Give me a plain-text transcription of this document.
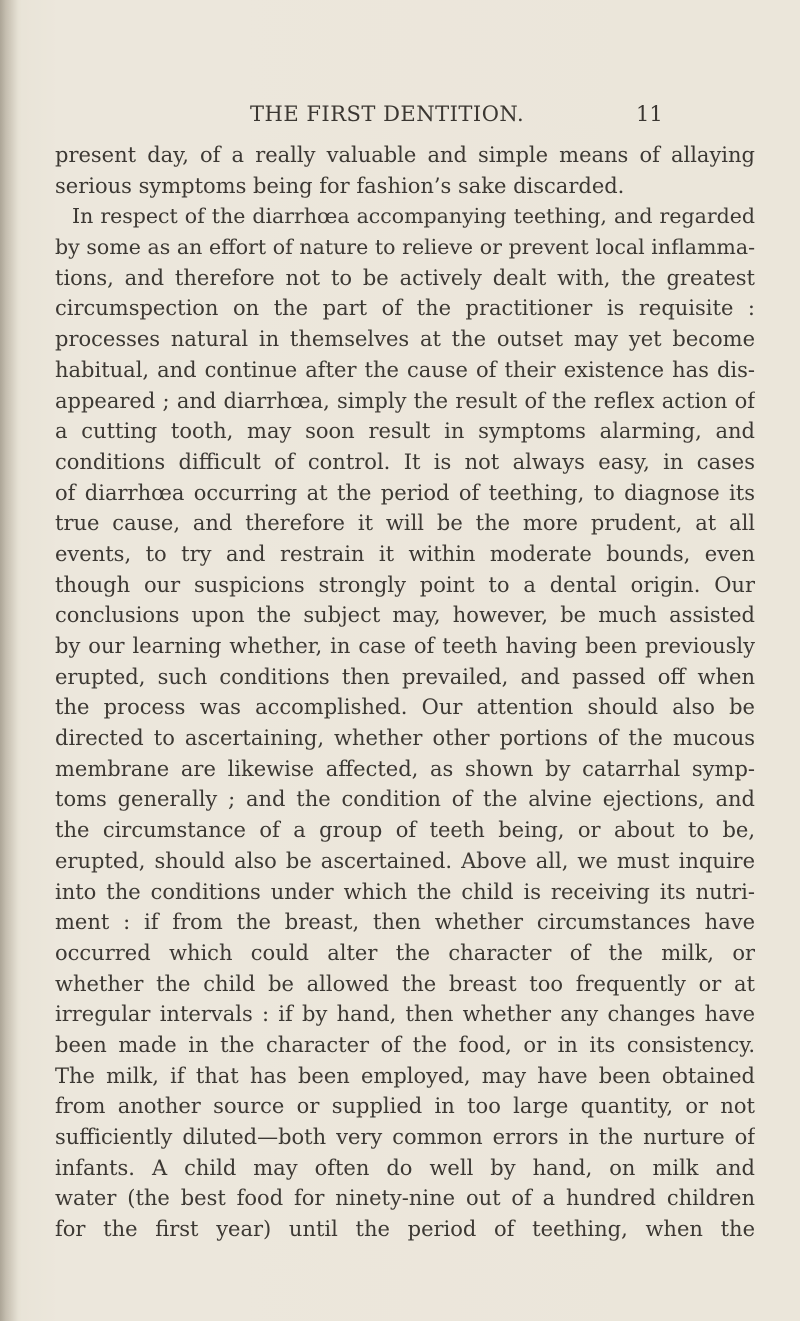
THE FIRST DENTITION.	11
present day, of a really valuable and simple means of allaying
serious symptoms being for fashion’s sake discarded.
In respect of the diarrhœa accompanying teething, and regarded
by some as an effort of nature to relieve or prevent local inflamma-
tions, and therefore not to be actively dealt with, the greatest
circumspection on the part of the practitioner is requisite :
processes natural in themselves at the outset may yet become
habitual, and continue after the cause of their existence has dis-
appeared ; and diarrhœa, simply the result of the reflex action of
a cutting tooth, may soon result in symptoms alarming, and
conditions difficult of control. It is not always easy, in cases
of diarrhœa occurring at the period of teething, to diagnose its
true cause, and therefore it will be the more prudent, at all
events, to try and restrain it within moderate bounds, even
though our suspicions strongly point to a dental origin. Our
conclusions upon the subject may, however, be much assisted
by our learning whether, in case of teeth having been previously
erupted, such conditions then prevailed, and passed off when
the process was accomplished. Our attention should also be
directed to ascertaining, whether other portions of the mucous
membrane are likewise affected, as shown by catarrhal symp-
toms generally ; and the condition of the alvine ejections, and
the circumstance of a group of teeth being, or about to be,
erupted, should also be ascertained. Above all, we must inquire
into the conditions under which the child is receiving its nutri-
ment : if from the breast, then whether circumstances have
occurred which could alter the character of the milk, or
whether the child be allowed the breast too frequently or at
irregular intervals : if by hand, then whether any changes have
been made in the character of the food, or in its consistency.
The milk, if that has been employed, may have been obtained
from another source or supplied in too large quantity, or not
sufficiently diluted—both very common errors in the nurture of
infants. A child may often do well by hand, on milk and
water (the best food for ninety-nine out of a hundred children
for the first year) until the period of teething, when the
